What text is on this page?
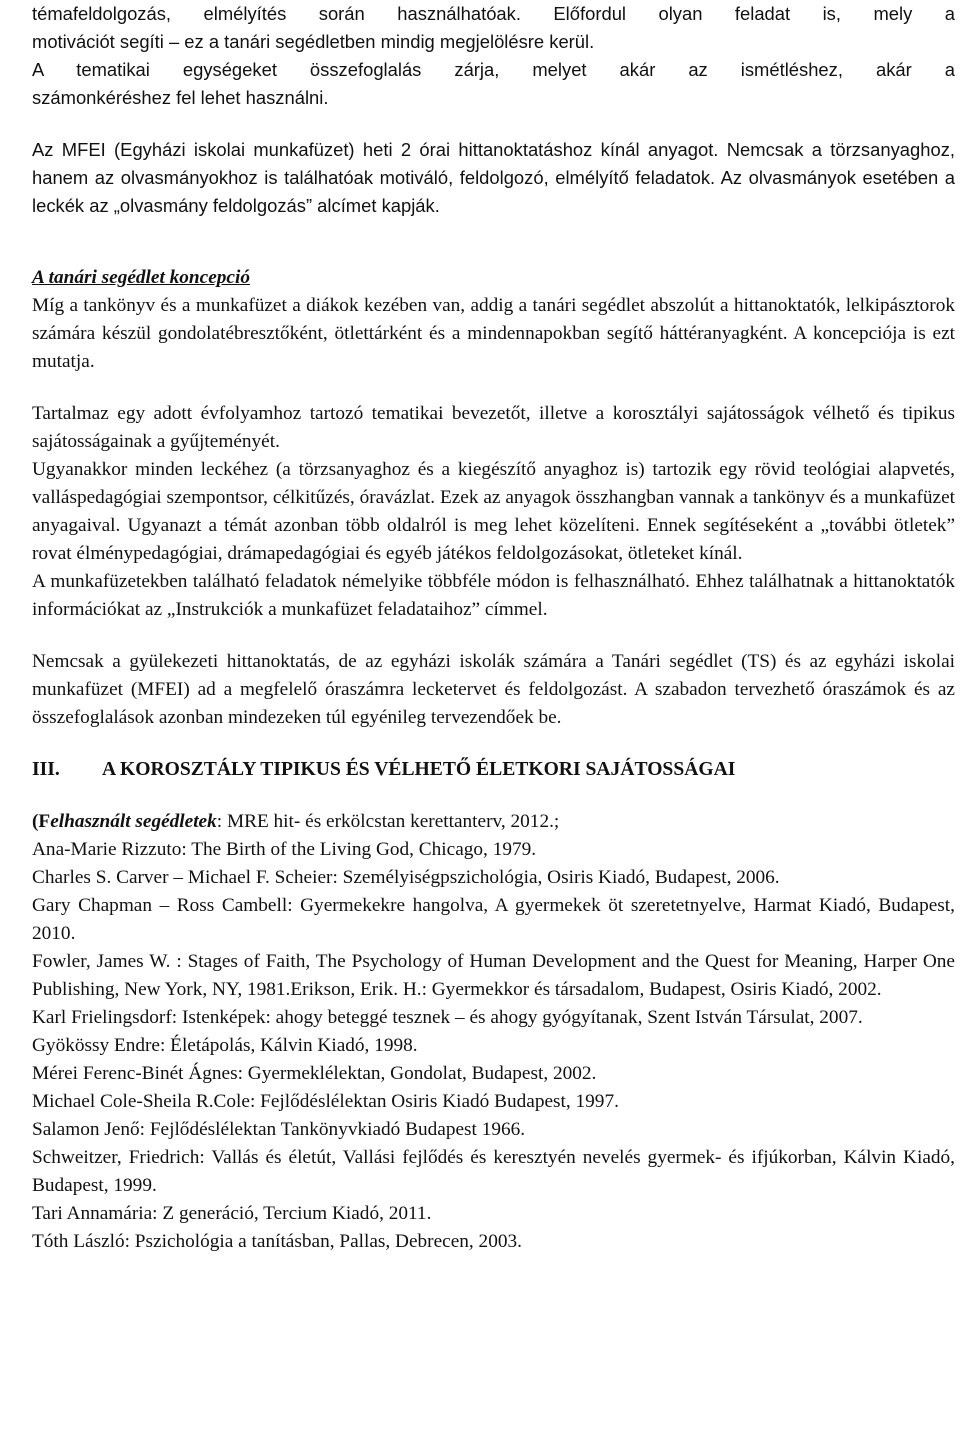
témafeldolgozás, elmélyítés során használhatóak. Előfordul olyan feladat is, mely a

motivációt segíti – ez a tanári segédletben mindig megjelölésre kerül.

A tematikai egységeket összefoglalás zárja, melyet akár az ismétléshez, akár a

számonkéréshez fel lehet használni.

Az MFEI (Egyházi iskolai munkafüzet) heti 2 órai hittanoktatáshoz kínál anyagot. Nemcsak a törzsanyaghoz, hanem az olvasmányokhoz is találhatóak motiváló, feldolgozó, elmélyítő feladatok. Az olvasmányok esetében a leckék az „olvasmány feldolgozás” alcímet kapják.

A tanári segédlet koncepció

Míg a tankönyv és a munkafüzet a diákok kezében van, addig a tanári segédlet abszolút a hittanoktatók, lelkipásztorok számára készül gondolatébresztőként, ötlettárként és a mindennapokban segítő háttéranyagként. A koncepciója is ezt mutatja.

Tartalmaz egy adott évfolyamhoz tartozó tematikai bevezetőt, illetve a korosztályi sajátosságok vélhető és tipikus sajátosságainak a gyűjteményét.

Ugyanakkor minden leckéhez (a törzsanyaghoz és a kiegészítő anyaghoz is) tartozik egy rövid teológiai alapvetés, valláspedagógiai szempontsor, célkitűzés, óravázlat. Ezek az anyagok összhangban vannak a tankönyv és a munkafüzet anyagaival. Ugyanazt a témát azonban több oldalról is meg lehet közelíteni. Ennek segítéseként a „további ötletek” rovat élménypedagógiai, drámapedagógiai és egyéb játékos feldolgozásokat, ötleteket kínál.

A munkafüzetekben található feladatok némelyike többféle módon is felhasználható. Ehhez találhatnak a hittanoktatók információkat az „Instrukciók a munkafüzet feladataihoz” címmel.

Nemcsak a gyülekezeti hittanoktatás, de az egyházi iskolák számára a Tanári segédlet (TS) és az egyházi iskolai munkafüzet (MFEI) ad a megfelelő óraszámra lecketervet és feldolgozást. A szabadon tervezhető óraszámok és az összefoglalások azonban mindezeken túl egyénileg tervezendőek be.

III.	A KOROSZTÁLY TIPIKUS ÉS VÉLHETŐ ÉLETKORI SAJÁTOSSÁGAI

(Felhasznált segédletek: MRE hit- és erkölcstan kerettanterv, 2012.;

Ana-Marie Rizzuto: The Birth of the Living God, Chicago, 1979.

Charles S. Carver – Michael F. Scheier: Személyiségpszichológia, Osiris Kiadó, Budapest, 2006.

Gary Chapman – Ross Cambell: Gyermekekre hangolva, A gyermekek öt szeretetnyelve, Harmat Kiadó, Budapest, 2010.

Fowler, James W. : Stages of Faith, The Psychology of Human Development and the Quest for Meaning, Harper One Publishing, New York, NY, 1981.Erikson, Erik. H.: Gyermekkor és társadalom, Budapest, Osiris Kiadó, 2002.

Karl Frielingsdorf: Istenképek: ahogy beteggé tesznek – és ahogy gyógyítanak, Szent István Társulat, 2007.

Gyökössy Endre: Életápolás, Kálvin Kiadó, 1998.

Mérei Ferenc-Binét Ágnes: Gyermeklélektan, Gondolat, Budapest, 2002.

Michael Cole-Sheila R.Cole: Fejlődéslélektan Osiris Kiadó Budapest, 1997.

Salamon Jenő: Fejlődéslélektan Tankönyvkiadó Budapest 1966.

Schweitzer, Friedrich: Vallás és életút, Vallási fejlődés és keresztyén nevelés gyermek- és ifjúkorban, Kálvin Kiadó, Budapest, 1999.

Tari Annamária: Z generáció, Tercium Kiadó, 2011.

Tóth László: Pszichológia a tanításban, Pallas, Debrecen, 2003.
